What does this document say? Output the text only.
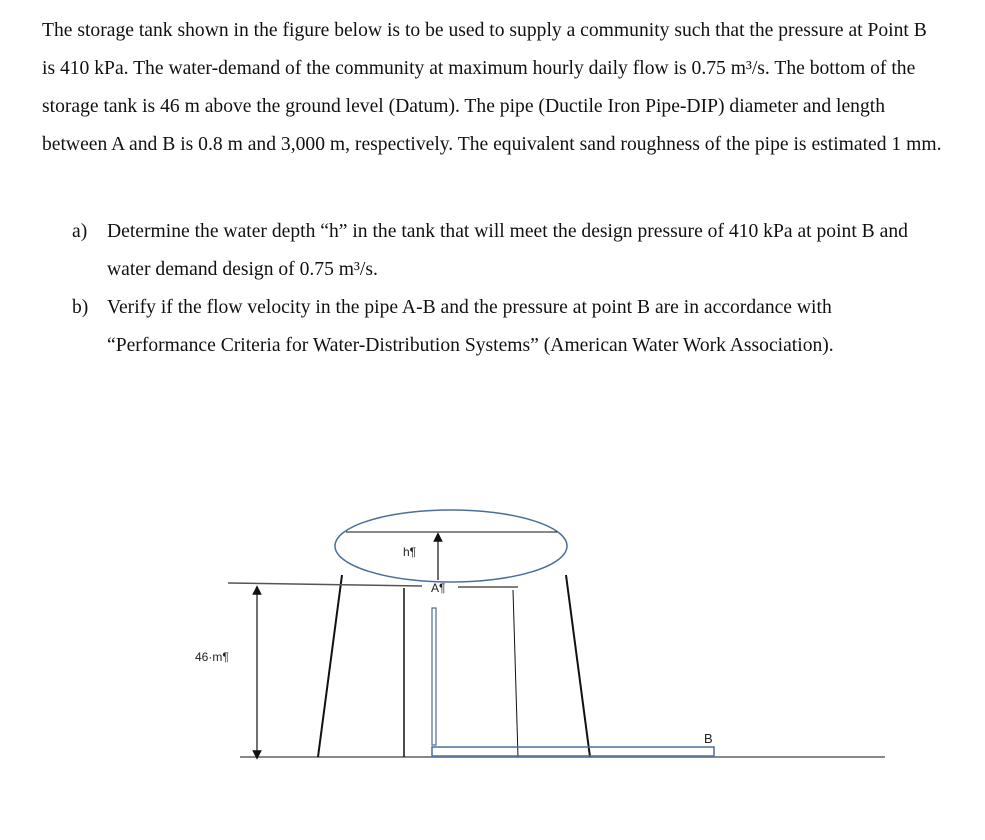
The storage tank shown in the figure below is to be used to supply a community such that the pressure at Point B is 410 kPa. The water-demand of the community at maximum hourly daily flow is 0.75 m³/s. The bottom of the storage tank is 46 m above the ground level (Datum). The pipe (Ductile Iron Pipe-DIP) diameter and length between A and B is 0.8 m and 3,000 m, respectively. The equivalent sand roughness of the pipe is estimated 1 mm.
a)	Determine the water depth “h” in the tank that will meet the design pressure of 410 kPa at point B and water demand design of 0.75 m³/s.
b) Verify if the flow velocity in the pipe A-B and the pressure at point B are in accordance with “Performance Criteria for Water-Distribution Systems” (American Water Work Association).
h¶
A¶
46·m¶
B
